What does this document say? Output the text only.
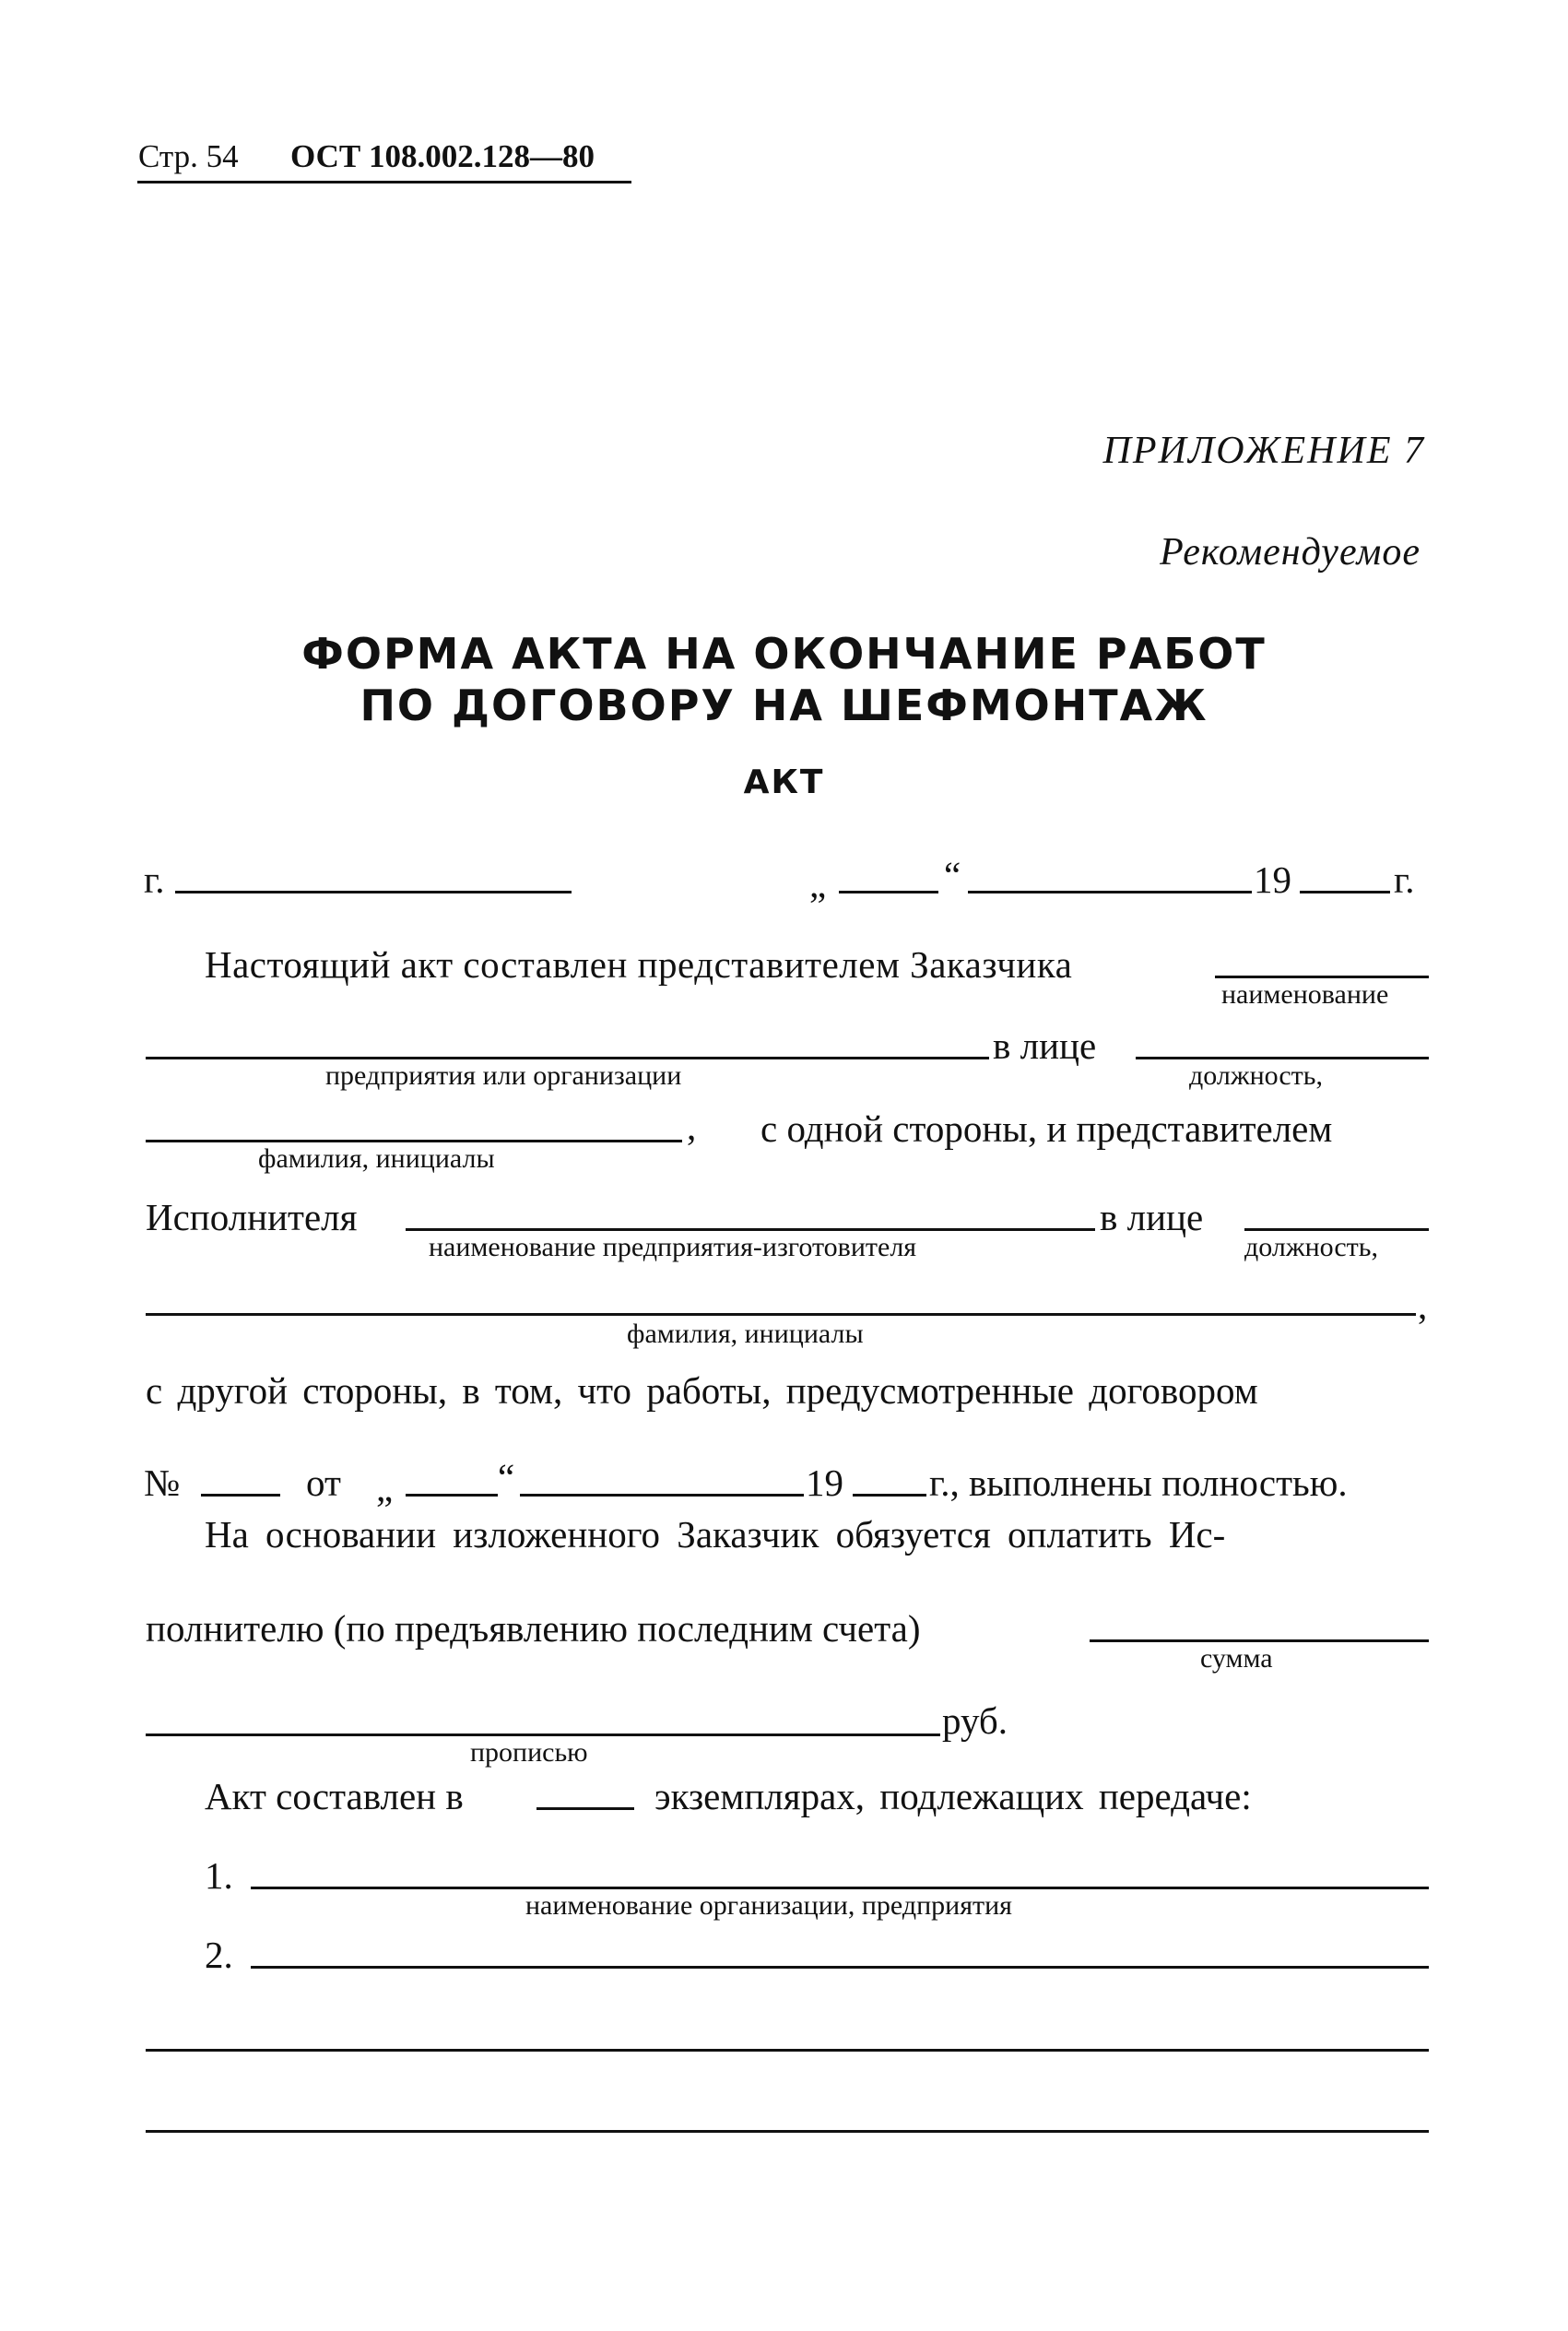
Стр. 54 ОСТ 108.002.128—80
ПРИЛОЖЕНИЕ 7
Рекомендуемое
ФОРМА АКТА НА ОКОНЧАНИЕ РАБОТ
ПО ДОГОВОРУ НА ШЕФМОНТАЖ
АКТ
г.	„	“	19	г.
Настоящий акт составлен представителем Заказчика
наименование
в лице
предприятия или организации	должность,
, с одной стороны, и представителем
фамилия, инициалы
Исполнителя	в лице
наименование предприятия-изготовителя	должность,
,
фамилия, инициалы
с другой стороны, в том, что работы, предусмотренные договором
№	от „	“	19 г., выполнены полностью.
На основании изложенного Заказчик обязуется оплатить Ис-
полнителю (по предъявлению последним счета)
сумма
руб.
прописью
Акт составлен в	экземплярах, подлежащих передаче:
1.
наименование организации, предприятия
2.
